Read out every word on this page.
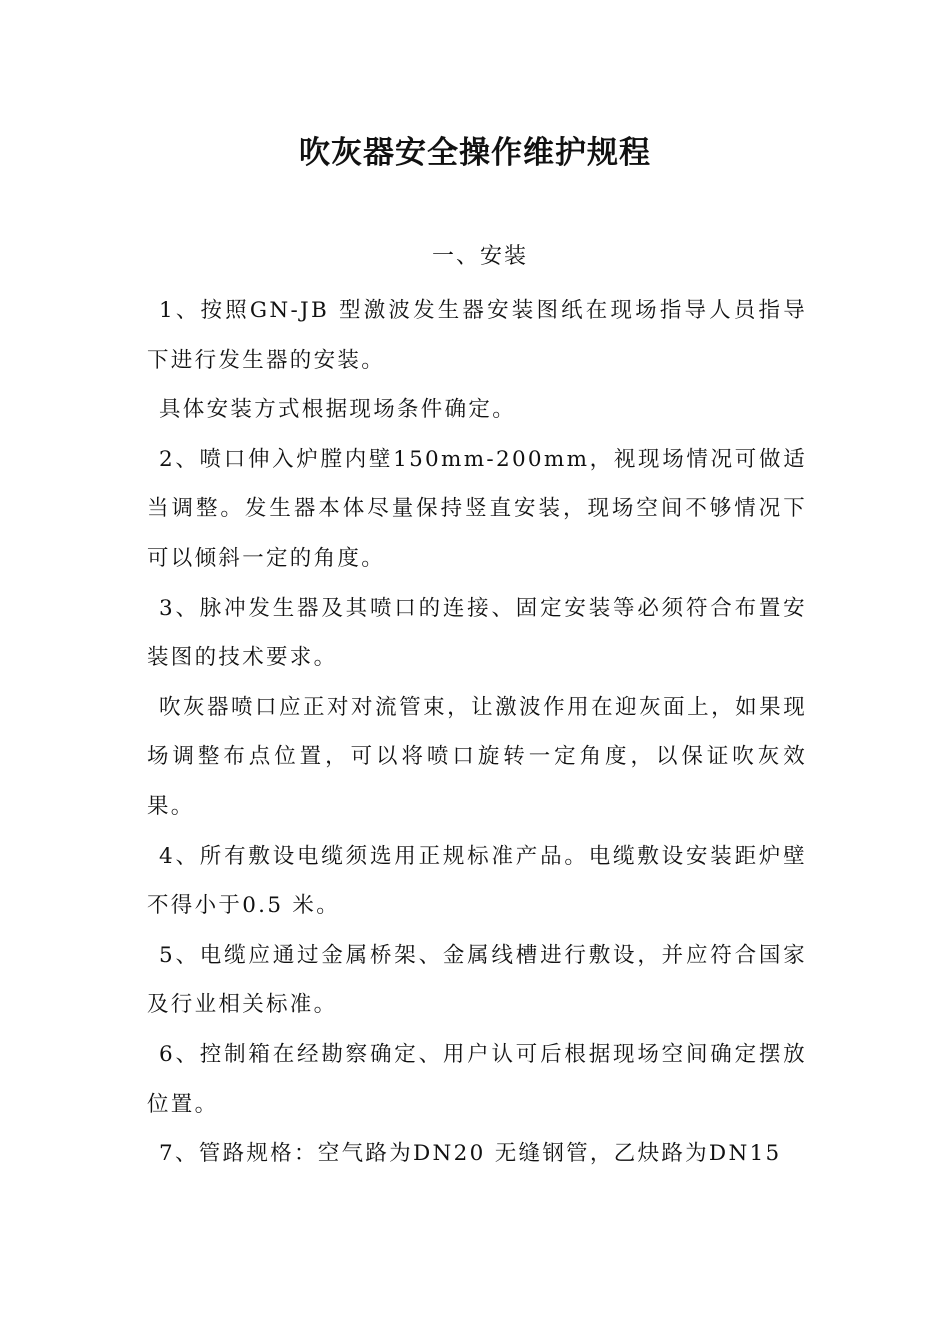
吹灰器安全操作维护规程
一、安装

1、按照GN-JB 型激波发生器安装图纸在现场指导人员指导下进行发生器的安装。

具体安装方式根据现场条件确定。

2、喷口伸入炉膛内壁150mm-200mm，视现场情况可做适当调整。发生器本体尽量保持竖直安装，现场空间不够情况下可以倾斜一定的角度。

3、脉冲发生器及其喷口的连接、固定安装等必须符合布置安装图的技术要求。

吹灰器喷口应正对对流管束，让激波作用在迎灰面上，如果现场调整布点位置，可以将喷口旋转一定角度，以保证吹灰效果。

4、所有敷设电缆须选用正规标准产品。电缆敷设安装距炉壁不得小于0.5 米。

5、电缆应通过金属桥架、金属线槽进行敷设，并应符合国家及行业相关标准。

6、控制箱在经勘察确定、用户认可后根据现场空间确定摆放位置。

7、管路规格：空气路为DN20 无缝钢管，乙炔路为DN15
